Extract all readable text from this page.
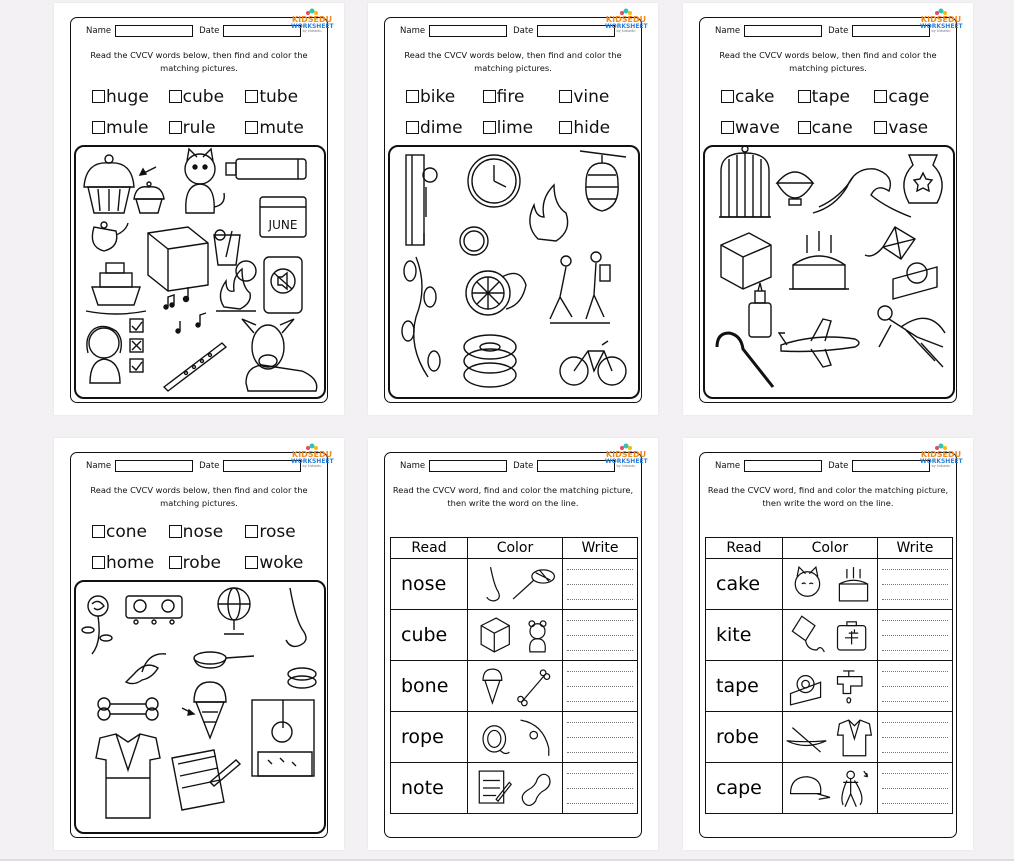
Name	Date
KIDSEDU
WORKSHEET
by kidsedu
Read the CVCV words below, then find and color the matching pictures.
huge cube tube
mule rule	mute
JUNE
Name	Date
KIDSEDU
WORKSHEET
by kidsedu
Read the CVCV words below, then find and color the matching pictures.
bike fire	vine
dime lime hide
Name	Date
KIDSEDU
WORKSHEET
by kidsedu
Read the CVCV words below, then find and color the matching pictures.
cake tape cage
wave cane vase
Name	Date
KIDSEDU
WORKSHEET
by kidsedu
Read the CVCV words below, then find and color the matching pictures.
cone nose rose
home robe woke
Name	Date
KIDSEDU
WORKSHEET
by kidsedu
Read the CVCV word, find and color the matching picture, then write the word on the line.
Read	Color	Write
nose	

cube	

bone	

rope	

note	

Name	Date
KIDSEDU
WORKSHEET
by kidsedu
Read the CVCV word, find and color the matching picture, then write the word on the line.
Read	Color	Write
cake	

kite	

tape	

robe	

cape	
